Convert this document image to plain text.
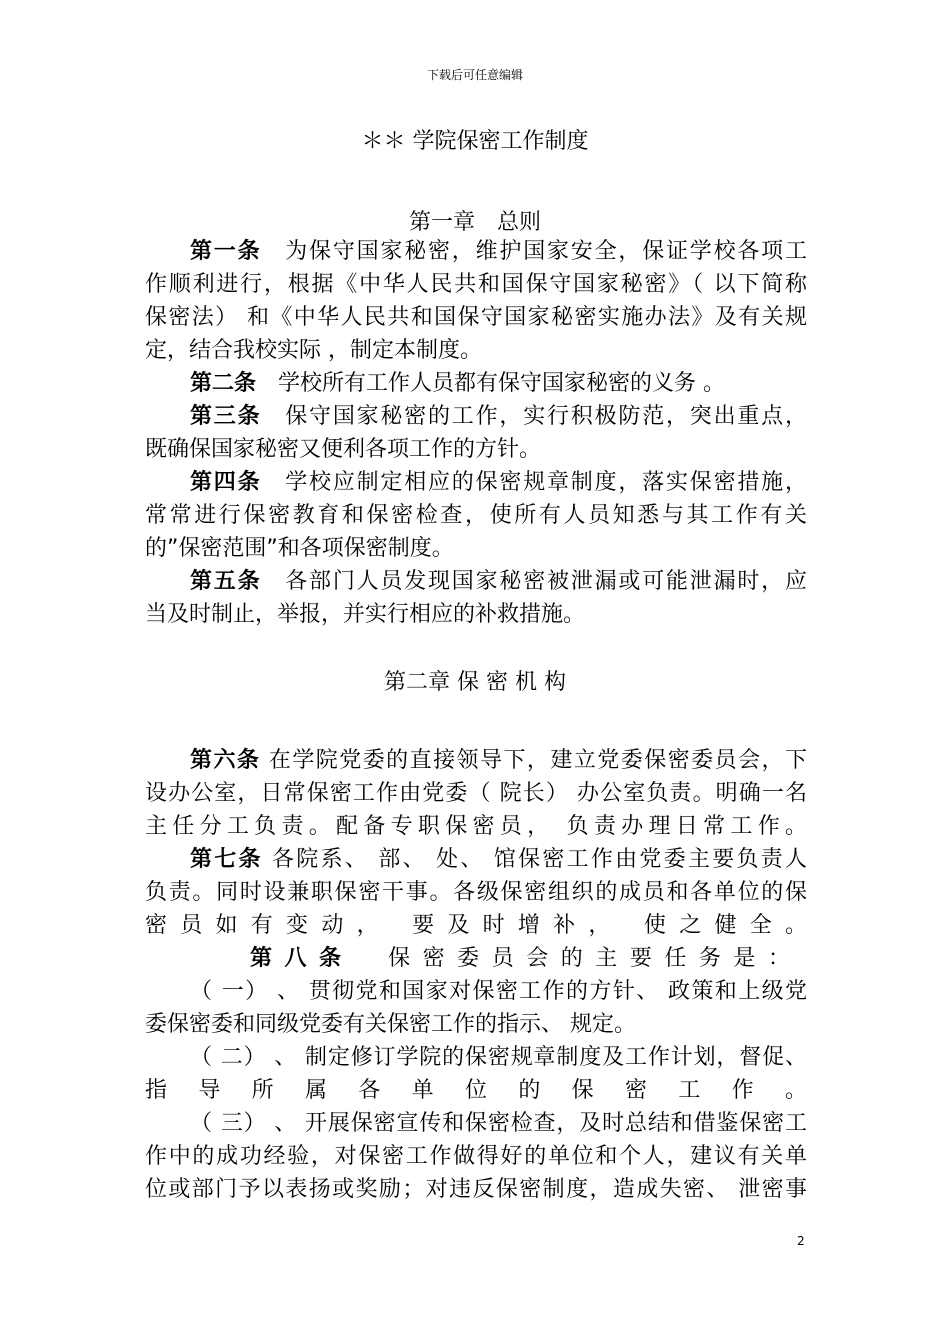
下载后可任意编辑
＊＊ 学院保密工作制度
第一章　总则
第一条　 为保守国家秘密，维护国家安全，保证学校各项工
作顺利进行，根据《中华人民共和国保守国家秘密》（ 以下简称
保密法） 和《中华人民共和国保守国家秘密实施办法》及有关规
定，结合我校实际 ，制定本制度。
第二条　 学校所有工作人员都有保守国家秘密的义务 。
第三条　 保守国家秘密的工作，实行积极防范，突出重点，
既确保国家秘密又便利各项工作的方针。
第四条　 学校应制定相应的保密规章制度，落实保密措施，
常常进行保密教育和保密检查，使所有人员知悉与其工作有关
的”保密范围”和各项保密制度。
第五条　 各部门人员发现国家秘密被泄漏或可能泄漏时，应
当及时制止，举报，并实行相应的补救措施。
第二章 保 密 机 构
第六条 在学院党委的直接领导下，建立党委保密委员会，下
设办公室，日常保密工作由党委（ 院长） 办公室负责。明确一名
主任分工负责。配备专职保密员， 负责办理日常工作。
第七条 各院系、 部、 处、 馆保密工作由党委主要负责人
负责。同时设兼职保密干事。各级保密组织的成员和各单位的保
密员如有变动， 要及时增补， 使之健全。
第八条　 保密委员会的主要任务是：
（ 一） 、 贯彻党和国家对保密工作的方针、 政策和上级党
委保密委和同级党委有关保密工作的指示、 规定。
（ 二） 、 制定修订学院的保密规章制度及工作计划，督促、
指导所属各单位的保密工作。
（ 三） 、 开展保密宣传和保密检查，及时总结和借鉴保密工
作中的成功经验，对保密工作做得好的单位和个人，建议有关单
位或部门予以表扬或奖励；对违反保密制度，造成失密、 泄密事
2
